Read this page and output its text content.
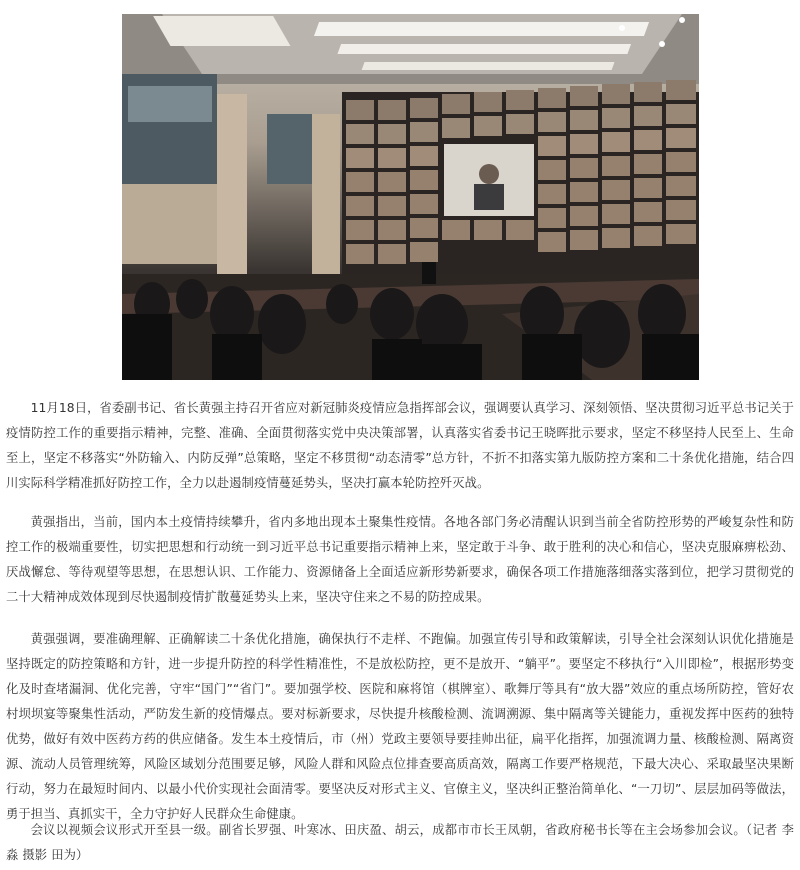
11月18日，省委副书记、省长黄强主持召开省应对新冠肺炎疫情应急指挥部会议，强调要认真学习、深刻领悟、坚决贯彻习近平总书记关于疫情防控工作的重要指示精神，完整、准确、全面贯彻落实党中央决策部署，认真落实省委书记王晓晖批示要求，坚定不移坚持人民至上、生命至上，坚定不移落实“外防输入、内防反弹”总策略，坚定不移贯彻“动态清零”总方针，不折不扣落实第九版防控方案和二十条优化措施，结合四川实际科学精准抓好防控工作，全力以赴遏制疫情蔓延势头，坚决打赢本轮防控歼灭战。

黄强指出，当前，国内本土疫情持续攀升，省内多地出现本土聚集性疫情。各地各部门务必清醒认识到当前全省防控形势的严峻复杂性和防控工作的极端重要性，切实把思想和行动统一到习近平总书记重要指示精神上来，坚定敢于斗争、敢于胜利的决心和信心，坚决克服麻痹松劲、厌战懈怠、等待观望等思想，在思想认识、工作能力、资源储备上全面适应新形势新要求，确保各项工作措施落细落实落到位，把学习贯彻党的二十大精神成效体现到尽快遏制疫情扩散蔓延势头上来，坚决守住来之不易的防控成果。

黄强强调，要准确理解、正确解读二十条优化措施，确保执行不走样、不跑偏。加强宣传引导和政策解读，引导全社会深刻认识优化措施是坚持既定的防控策略和方针，进一步提升防控的科学性精准性，不是放松防控，更不是放开、“躺平”。要坚定不移执行“入川即检”，根据形势变化及时查堵漏洞、优化完善，守牢“国门”“省门”。要加强学校、医院和麻将馆（棋牌室）、歌舞厅等具有“放大器”效应的重点场所防控，管好农村坝坝宴等聚集性活动，严防发生新的疫情爆点。要对标新要求，尽快提升核酸检测、流调溯源、集中隔离等关键能力，重视发挥中医药的独特优势，做好有效中医药方药的供应储备。发生本土疫情后，市（州）党政主要领导要挂帅出征，扁平化指挥，加强流调力量、核酸检测、隔离资源、流动人员管理统筹，风险区域划分范围要足够，风险人群和风险点位排查要高质高效，隔离工作要严格规范，下最大决心、采取最坚决果断行动，努力在最短时间内、以最小代价实现社会面清零。要坚决反对形式主义、官僚主义，坚决纠正整治简单化、“一刀切”、层层加码等做法，勇于担当、真抓实干，全力守护好人民群众生命健康。

会议以视频会议形式开至县一级。副省长罗强、叶寒冰、田庆盈、胡云，成都市市长王凤朝，省政府秘书长等在主会场参加会议。（记者 李淼 摄影 田为）
